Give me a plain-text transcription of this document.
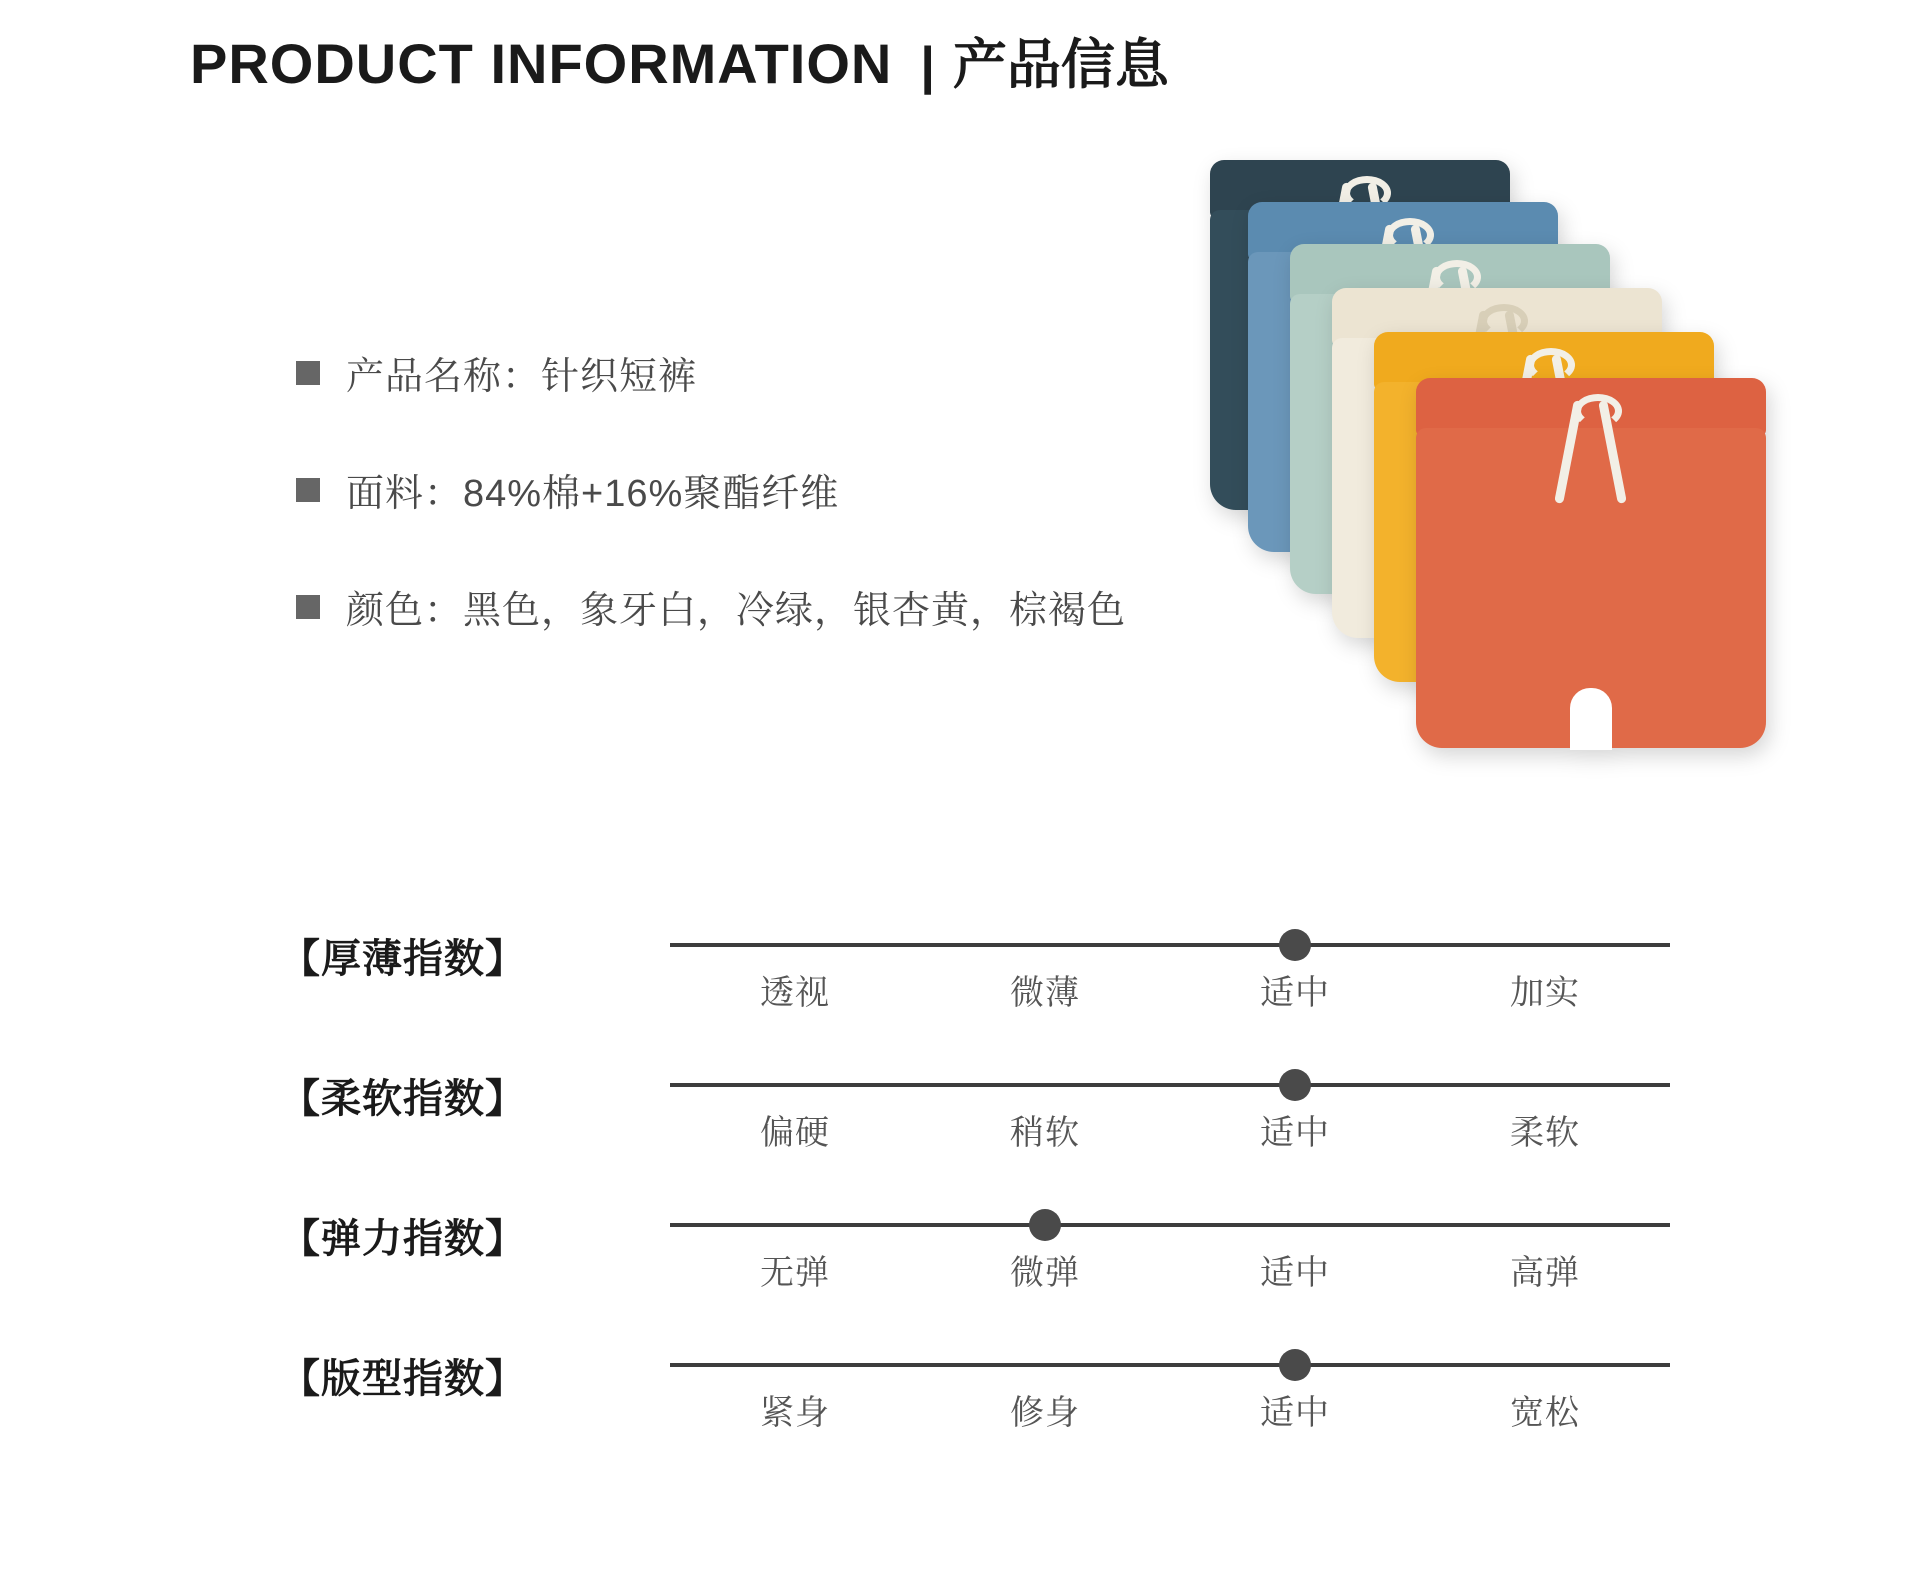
PRODUCT INFORMATION | 产品信息
产品名称：针织短裤
面料：84%棉+16%聚酯纤维
颜色：黑色，象牙白，冷绿，银杏黄，棕褐色
【厚薄指数】
透视	微薄	适中	加实
【柔软指数】
偏硬	稍软	适中	柔软
【弹力指数】
无弹	微弹	适中	高弹
【版型指数】
紧身	修身	适中	宽松
